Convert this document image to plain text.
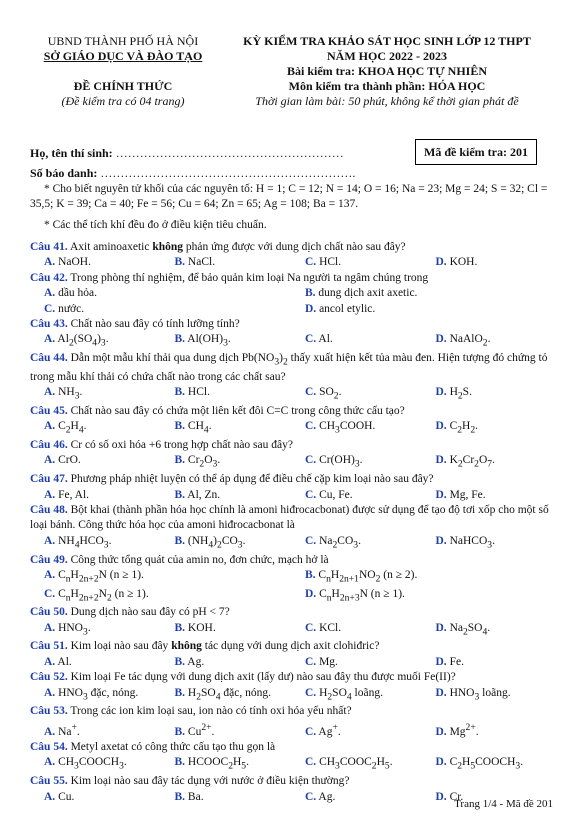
UBND THÀNH PHỐ HÀ NỘI
SỞ GIÁO DỤC VÀ ĐÀO TẠO
ĐỀ CHÍNH THỨC
(Đề kiểm tra có 04 trang)
KỲ KIỂM TRA KHẢO SÁT HỌC SINH LỚP 12 THPT
NĂM HỌC 2022 - 2023
Bài kiểm tra: KHOA HỌC TỰ NHIÊN
Môn kiểm tra thành phần: HÓA HỌC
Thời gian làm bài: 50 phút, không kể thời gian phát đề
Họ, tên thí sinh: …………………………………………………
Số báo danh: ……………………………………………………….
Mã đề kiểm tra: 201
* Cho biết nguyên tử khối của các nguyên tố: H = 1; C = 12; N = 14; O = 16; Na = 23; Mg = 24; S = 32; Cl = 35,5; K = 39; Ca = 40; Fe = 56; Cu = 64; Zn = 65; Ag = 108; Ba = 137.
* Các thể tích khí đều đo ở điều kiện tiêu chuẩn.
Câu 41. Axit aminoaxetic không phản ứng được với dung dịch chất nào sau đây?
A. NaOH.	B. NaCl.	C. HCl.	D. KOH.
Câu 42. Trong phòng thí nghiệm, để bảo quản kim loại Na người ta ngâm chúng trong
A. dầu hỏa.	B. dung dịch axit axetic.
C. nước.	D. ancol etylic.
Câu 43. Chất nào sau đây có tính lưỡng tính?
A. $Al_2(SO_4)_3$.	B. $Al(OH)_3$.	C. Al.	D. NaAlO$_2$.
Câu 44. Dẫn một mẫu khí thải qua dung dịch $Pb(NO_3)_2$ thấy xuất hiện kết tủa màu đen. Hiện tượng đó chứng tỏ trong mẫu khí thải có chứa chất nào trong các chất sau?
A. $NH_3$.	B. HCl.	C. $SO_2$.	D. $H_2S$.
Câu 45. Chất nào sau đây có chứa một liên kết đôi C=C trong công thức cấu tạo?
A. $C_2H_4$.	B. $CH_4$.	C. $CH_3COOH$.	D. $C_2H_2$.
Câu 46. Cr có số oxi hóa +6 trong hợp chất nào sau đây?
A. CrO.	B. $Cr_2O_3$.	C. $Cr(OH)_3$.	D. $K_2Cr_2O_7$.
Câu 47. Phương pháp nhiệt luyện có thể áp dụng để điều chế cặp kim loại nào sau đây?
A. Fe, Al.	B. Al, Zn.	C. Cu, Fe.	D. Mg, Fe.
Câu 48. Bột khai (thành phần hóa học chính là amoni hiđrocacbonat) được sử dụng để tạo độ tơi xốp cho một số loại bánh. Công thức hóa học của amoni hiđrocacbonat là
A. $NH_4HCO_3$.	B. $(NH_4)_2CO_3$.	C. $Na_2CO_3$.	D. NaHCO$_3$.
Câu 49. Công thức tổng quát của amin no, đơn chức, mạch hở là
A. $C_nH_{2n+2}N$ (n ≥ 1).	B. $C_nH_{2n+1}NO_2$ (n ≥ 2).
C. $C_nH_{2n+2}N_2$ (n ≥ 1).	D. $C_nH_{2n+3}N$ (n ≥ 1).
Câu 50. Dung dịch nào sau đây có pH < 7?
A. $HNO_3$.	B. KOH.	C. KCl.	D. $Na_2SO_4$.
Câu 51. Kim loại nào sau đây không tác dụng với dung dịch axit clohiđric?
A. Al.	B. Ag.	C. Mg.	D. Fe.
Câu 52. Kim loại Fe tác dụng với dung dịch axit (lấy dư) nào sau đây thu được muối Fe(II)?
A. $HNO_3$ đặc, nóng.	B. $H_2SO_4$ đặc, nóng.	C. $H_2SO_4$ loãng.	D. $HNO_3$ loãng.
Câu 53. Trong các ion kim loại sau, ion nào có tính oxi hóa yếu nhất?
A. Na+.	B. $Cu^{2+}$.	C. Ag+.	D. $Mg^{2+}$.
Câu 54. Metyl axetat có công thức cấu tạo thu gọn là
A. $CH_3COOCH_3$.	B. $HCOOC_2H_5$.	C. $CH_3COOC_2H_5$.	D. $C_2H_5COOCH_3$.
Câu 55. Kim loại nào sau đây tác dụng với nước ở điều kiện thường?
A. Cu.	B. Ba.	C. Ag.	D. Cr.
Trang 1/4 - Mã đề 201
